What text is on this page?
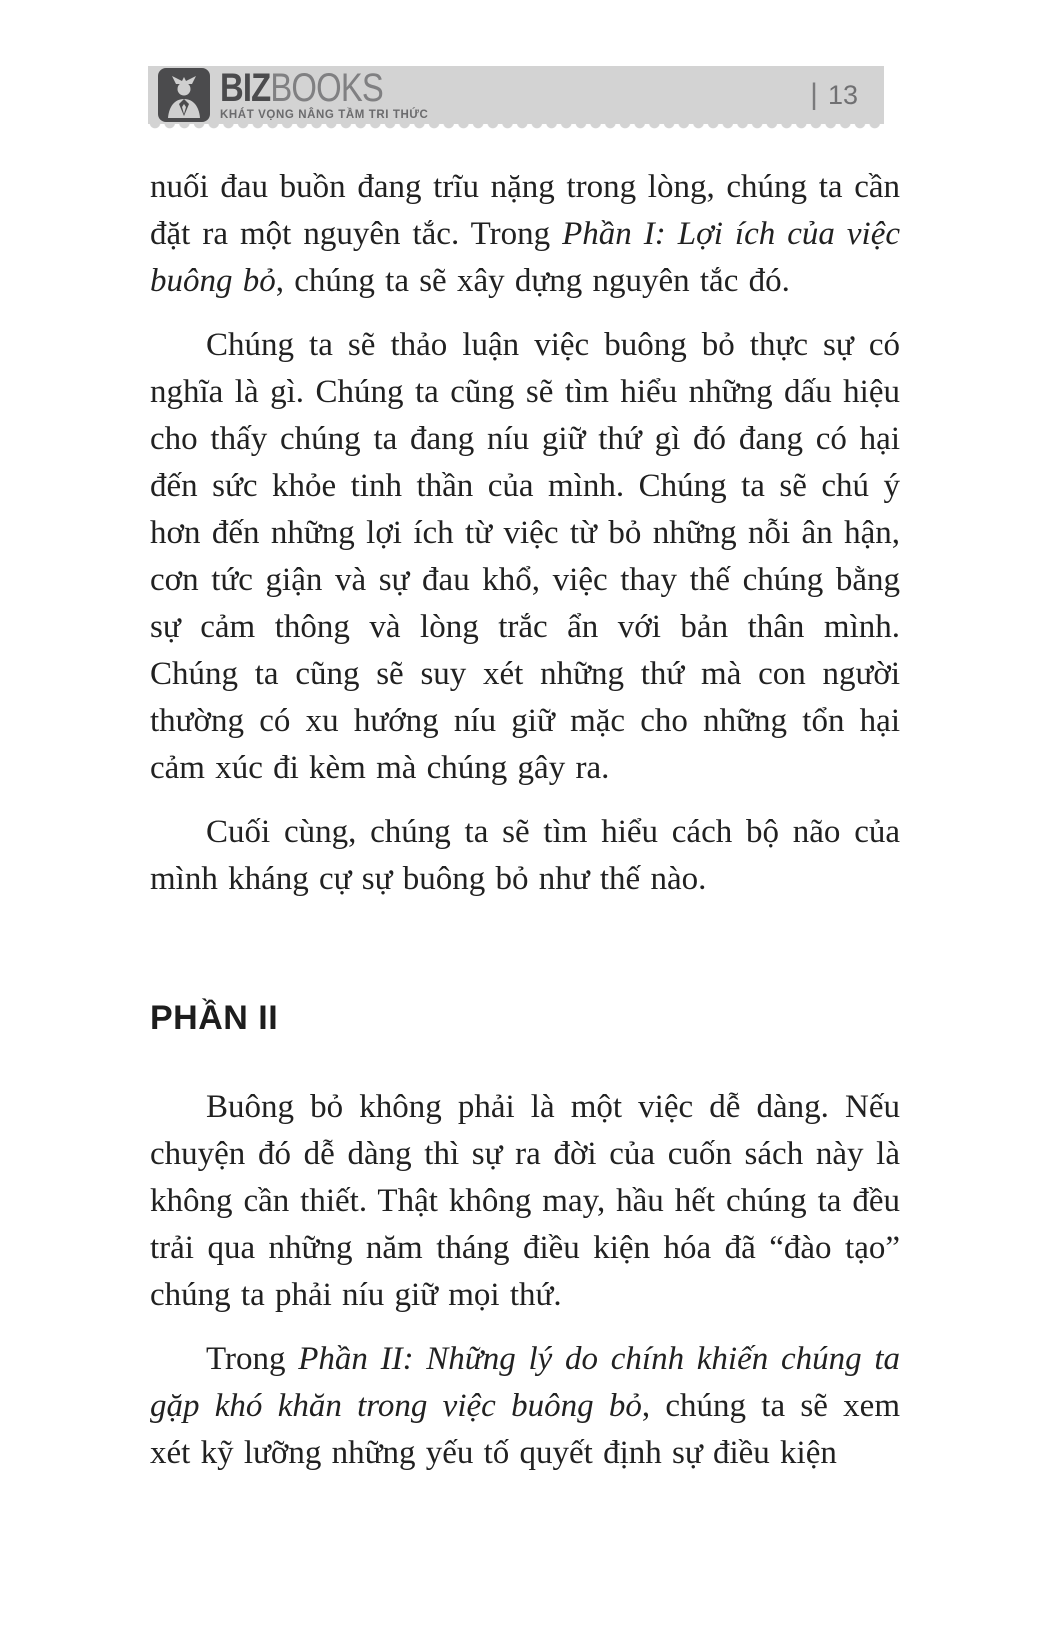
BIZBOOKS
KHÁT VỌNG NÂNG TẦM TRI THỨC
| 13

nuối đau buồn đang trĩu nặng trong lòng, chúng ta cần đặt ra một nguyên tắc. Trong Phần I: Lợi ích của việc buông bỏ, chúng ta sẽ xây dựng nguyên tắc đó.

Chúng ta sẽ thảo luận việc buông bỏ thực sự có nghĩa là gì. Chúng ta cũng sẽ tìm hiểu những dấu hiệu cho thấy chúng ta đang níu giữ thứ gì đó đang có hại đến sức khỏe tinh thần của mình. Chúng ta sẽ chú ý hơn đến những lợi ích từ việc từ bỏ những nỗi ân hận, cơn tức giận và sự đau khổ, việc thay thế chúng bằng sự cảm thông và lòng trắc ẩn với bản thân mình. Chúng ta cũng sẽ suy xét những thứ mà con người thường có xu hướng níu giữ mặc cho những tổn hại cảm xúc đi kèm mà chúng gây ra.

Cuối cùng, chúng ta sẽ tìm hiểu cách bộ não của mình kháng cự sự buông bỏ như thế nào.

PHẦN II

Buông bỏ không phải là một việc dễ dàng. Nếu chuyện đó dễ dàng thì sự ra đời của cuốn sách này là không cần thiết. Thật không may, hầu hết chúng ta đều trải qua những năm tháng điều kiện hóa đã “đào tạo” chúng ta phải níu giữ mọi thứ.

Trong Phần II: Những lý do chính khiến chúng ta gặp khó khăn trong việc buông bỏ, chúng ta sẽ xem xét kỹ lưỡng những yếu tố quyết định sự điều kiện
